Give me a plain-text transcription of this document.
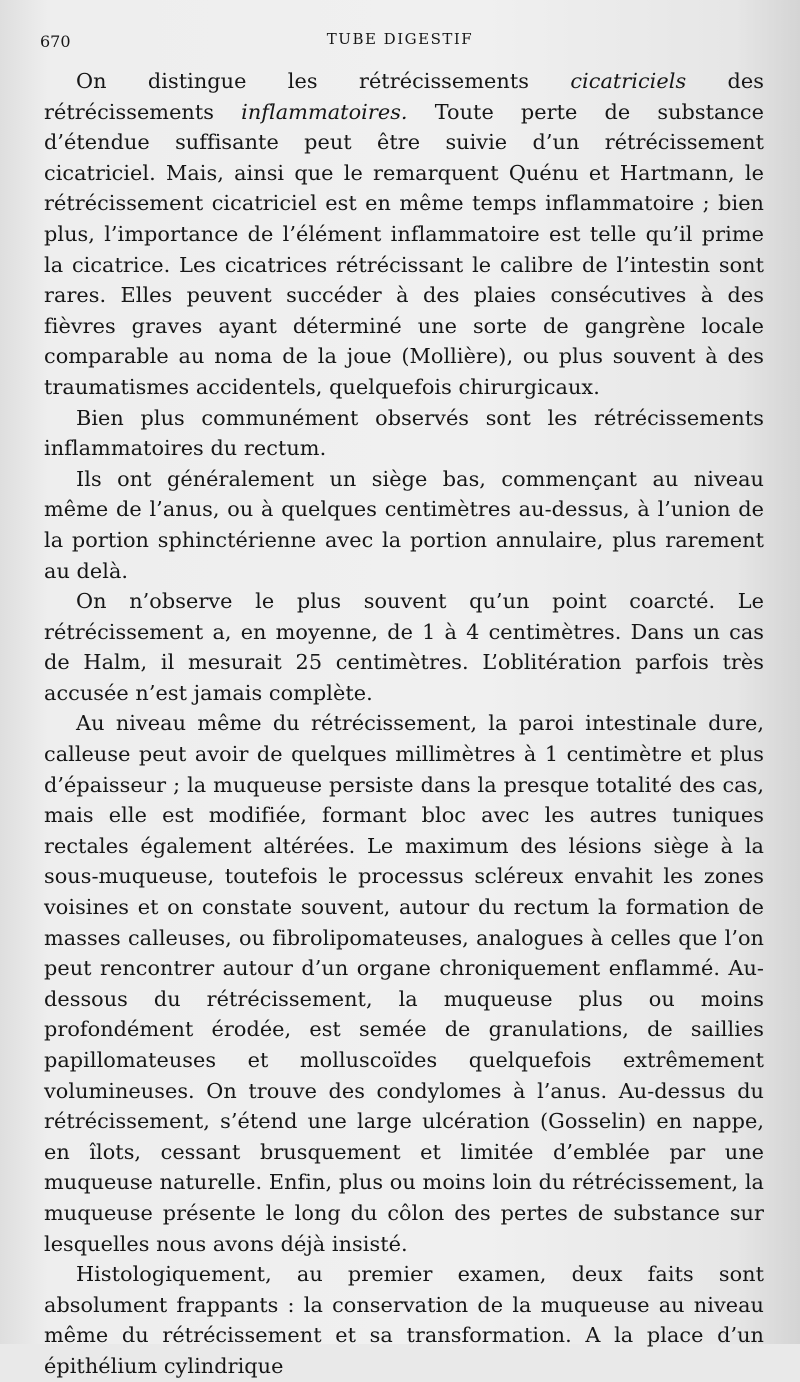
670	TUBE DIGESTIF

On distingue les rétrécissements cicatriciels des rétrécissements inflammatoires. Toute perte de substance d’étendue suffisante peut être suivie d’un rétrécissement cicatriciel. Mais, ainsi que le remarquent Quénu et Hartmann, le rétrécissement cicatriciel est en même temps inflammatoire ; bien plus, l’importance de l’élément inflammatoire est telle qu’il prime la cicatrice. Les cicatrices rétrécissant le calibre de l’intestin sont rares. Elles peuvent succéder à des plaies consécutives à des fièvres graves ayant déterminé une sorte de gangrène locale comparable au noma de la joue (Mollière), ou plus souvent à des traumatismes accidentels, quelquefois chirurgicaux.

Bien plus communément observés sont les rétrécissements inflammatoires du rectum.

Ils ont généralement un siège bas, commençant au niveau même de l’anus, ou à quelques centimètres au-dessus, à l’union de la portion sphinctérienne avec la portion annulaire, plus rarement au delà.

On n’observe le plus souvent qu’un point coarcté. Le rétrécissement a, en moyenne, de 1 à 4 centimètres. Dans un cas de Halm, il mesurait 25 centimètres. L’oblitération parfois très accusée n’est jamais complète.

Au niveau même du rétrécissement, la paroi intestinale dure, calleuse peut avoir de quelques millimètres à 1 centimètre et plus d’épaisseur ; la muqueuse persiste dans la presque totalité des cas, mais elle est modifiée, formant bloc avec les autres tuniques rectales également altérées. Le maximum des lésions siège à la sous-muqueuse, toutefois le processus scléreux envahit les zones voisines et on constate souvent, autour du rectum la formation de masses calleuses, ou fibrolipomateuses, analogues à celles que l’on peut rencontrer autour d’un organe chroniquement enflammé. Au-dessous du rétrécissement, la muqueuse plus ou moins profondément érodée, est semée de granulations, de saillies papillomateuses et molluscoïdes quelquefois extrêmement volumineuses. On trouve des condylomes à l’anus. Au-dessus du rétrécissement, s’étend une large ulcération (Gosselin) en nappe, en îlots, cessant brusquement et limitée d’emblée par une muqueuse naturelle. Enfin, plus ou moins loin du rétrécissement, la muqueuse présente le long du côlon des pertes de substance sur lesquelles nous avons déjà insisté.

Histologiquement, au premier examen, deux faits sont absolument frappants : la conservation de la muqueuse au niveau même du rétrécissement et sa transformation. A la place d’un épithélium cylindrique
